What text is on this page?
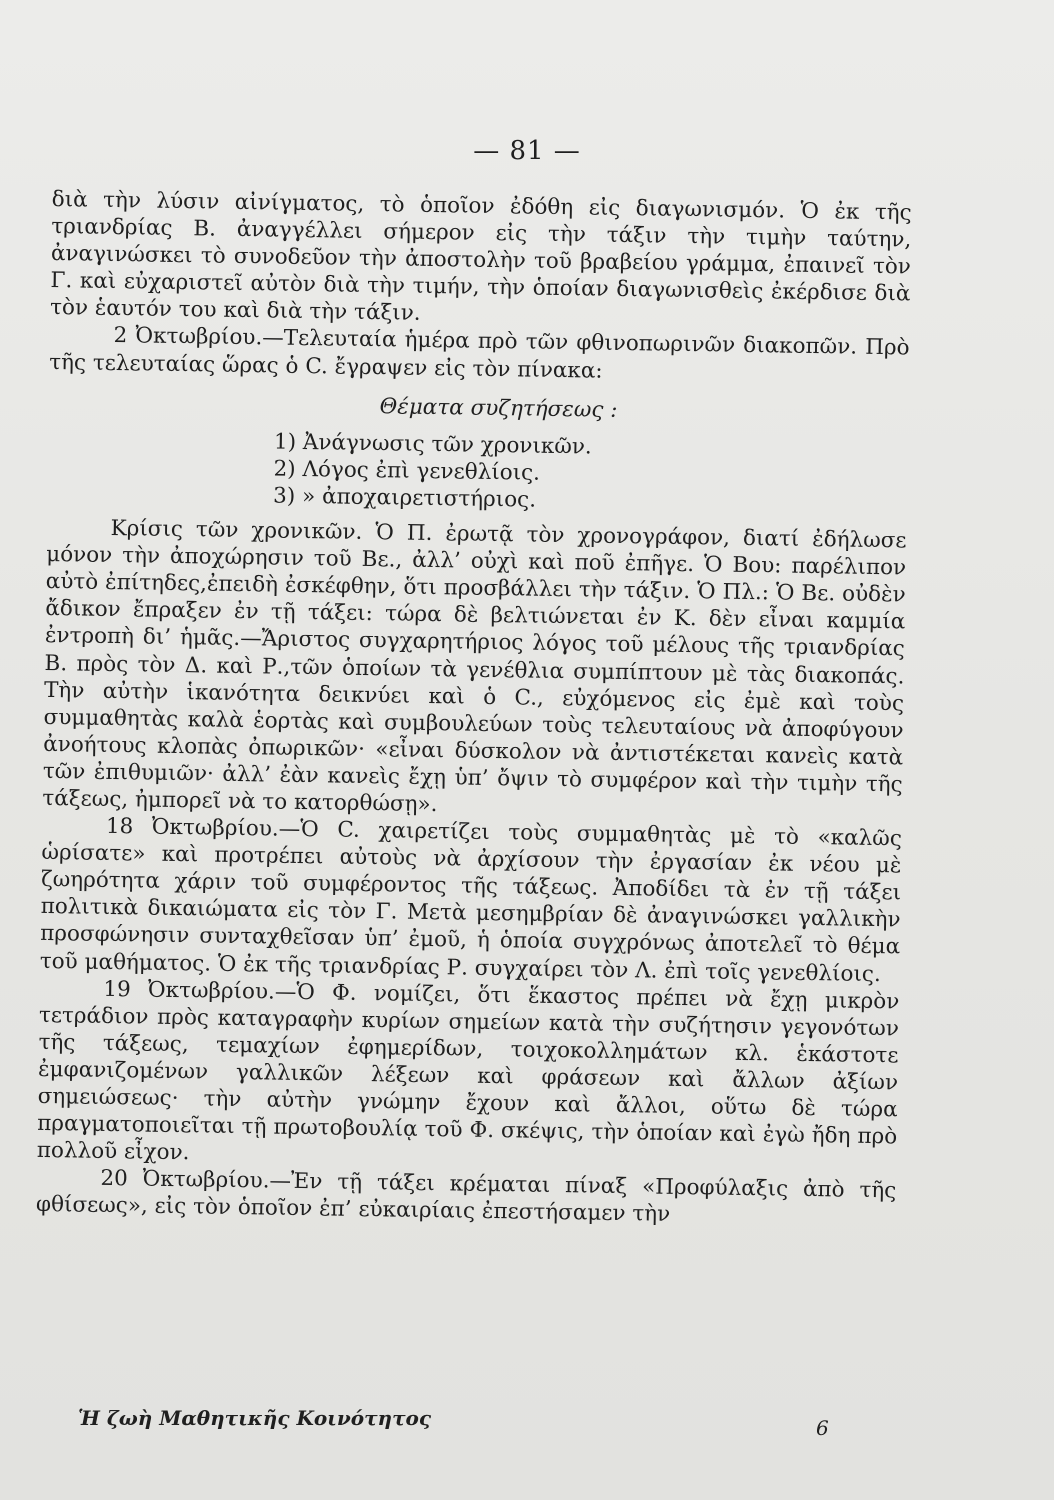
— 81 —

διὰ τὴν λύσιν αἰνίγματος, τὸ ὁποῖον ἐδόθη εἰς διαγωνισμόν. Ὁ ἐκ τῆς τριανδρίας Β. ἀναγγέλλει σήμερον εἰς τὴν τάξιν τὴν τιμὴν ταύτην, ἀναγινώσκει τὸ συνοδεῦον τὴν ἀποστολὴν τοῦ βραβείου γράμμα, ἐπαινεῖ τὸν Γ. καὶ εὐχαριστεῖ αὐτὸν διὰ τὴν τιμήν, τὴν ὁποίαν διαγωνισθεὶς ἐκέρδισε διὰ τὸν ἑαυτόν του καὶ διὰ τὴν τάξιν.

2 Ὀκτωβρίου.—Τελευταία ἡμέρα πρὸ τῶν φθινοπωρινῶν διακοπῶν. Πρὸ τῆς τελευταίας ὥρας ὁ C. ἔγραψεν εἰς τὸν πίνακα:

Θέματα συζητήσεως :

1) Ἀνάγνωσις τῶν χρονικῶν.
2) Λόγος ἐπὶ γενεθλίοις.
3) » ἀποχαιρετιστήριος.

Κρίσις τῶν χρονικῶν. Ὁ Π. ἐρωτᾷ τὸν χρονογράφον, διατί ἐδήλωσε μόνον τὴν ἀποχώρησιν τοῦ Βε., ἀλλ’ οὐχὶ καὶ ποῦ ἐπῆγε. Ὁ Βου: παρέλιπον αὐτὸ ἐπίτηδες,ἐπειδὴ ἐσκέφθην, ὅτι προσβάλλει τὴν τάξιν. Ὁ Πλ.: Ὁ Βε. οὐδὲν ἄδικον ἔπραξεν ἐν τῇ τάξει: τώρα δὲ βελτιώνεται ἐν Κ. δὲν εἶναι καμμία ἐντροπὴ δι’ ἡμᾶς.—Ἄριστος συγχαρητήριος λόγος τοῦ μέλους τῆς τριανδρίας Β. πρὸς τὸν Δ. καὶ Ρ.,τῶν ὁποίων τὰ γενέθλια συμπίπτουν μὲ τὰς διακοπάς. Τὴν αὐτὴν ἱκανότητα δεικνύει καὶ ὁ C., εὐχόμενος εἰς ἐμὲ καὶ τοὺς συμμαθητὰς καλὰ ἑορτὰς καὶ συμβουλεύων τοὺς τελευταίους νὰ ἀποφύγουν ἀνοήτους κλοπὰς ὀπωρικῶν· «εἶναι δύσκολον νὰ ἀντιστέκεται κανεὶς κατὰ τῶν ἐπιθυμιῶν· ἀλλ’ ἐὰν κανεὶς ἔχῃ ὑπ’ ὄψιν τὸ συμφέρον καὶ τὴν τιμὴν τῆς τάξεως, ἠμπορεῖ νὰ το κατορθώσῃ».

18 Ὀκτωβρίου.—Ὁ C. χαιρετίζει τοὺς συμμαθητὰς μὲ τὸ «καλῶς ὡρίσατε» καὶ προτρέπει αὐτοὺς νὰ ἀρχίσουν τὴν ἐργασίαν ἐκ νέου μὲ ζωηρότητα χάριν τοῦ συμφέροντος τῆς τάξεως. Ἀποδίδει τὰ ἐν τῇ τάξει πολιτικὰ δικαιώματα εἰς τὸν Γ. Μετὰ μεσημβρίαν δὲ ἀναγινώσκει γαλλικὴν προσφώνησιν συνταχθεῖσαν ὑπ’ ἐμοῦ, ἡ ὁποία συγχρόνως ἀποτελεῖ τὸ θέμα τοῦ μαθήματος. Ὁ ἐκ τῆς τριανδρίας Ρ. συγχαίρει τὸν Λ. ἐπὶ τοῖς γενεθλίοις.

19 Ὀκτωβρίου.—Ὁ Φ. νομίζει, ὅτι ἕκαστος πρέπει νὰ ἔχῃ μικρὸν τετράδιον πρὸς καταγραφὴν κυρίων σημείων κατὰ τὴν συζήτησιν γεγονότων τῆς τάξεως, τεμαχίων ἐφημερίδων, τοιχοκολλημάτων κλ. ἑκάστοτε ἐμφανιζομένων γαλλικῶν λέξεων καὶ φράσεων καὶ ἄλλων ἀξίων σημειώσεως· τὴν αὐτὴν γνώμην ἔχουν καὶ ἄλλοι, οὕτω δὲ τώρα πραγματοποιεῖται τῇ πρωτοβουλίᾳ τοῦ Φ. σκέψις, τὴν ὁποίαν καὶ ἐγὼ ἤδη πρὸ πολλοῦ εἶχον.

20 Ὀκτωβρίου.—Ἐν τῇ τάξει κρέμαται πίναξ «Προφύλαξις ἀπὸ τῆς φθίσεως», εἰς τὸν ὁποῖον ἐπ’ εὐκαιρίαις ἐπεστήσαμεν τὴν

Ἡ ζωὴ Μαθητικῆς Κοινότητος	6
